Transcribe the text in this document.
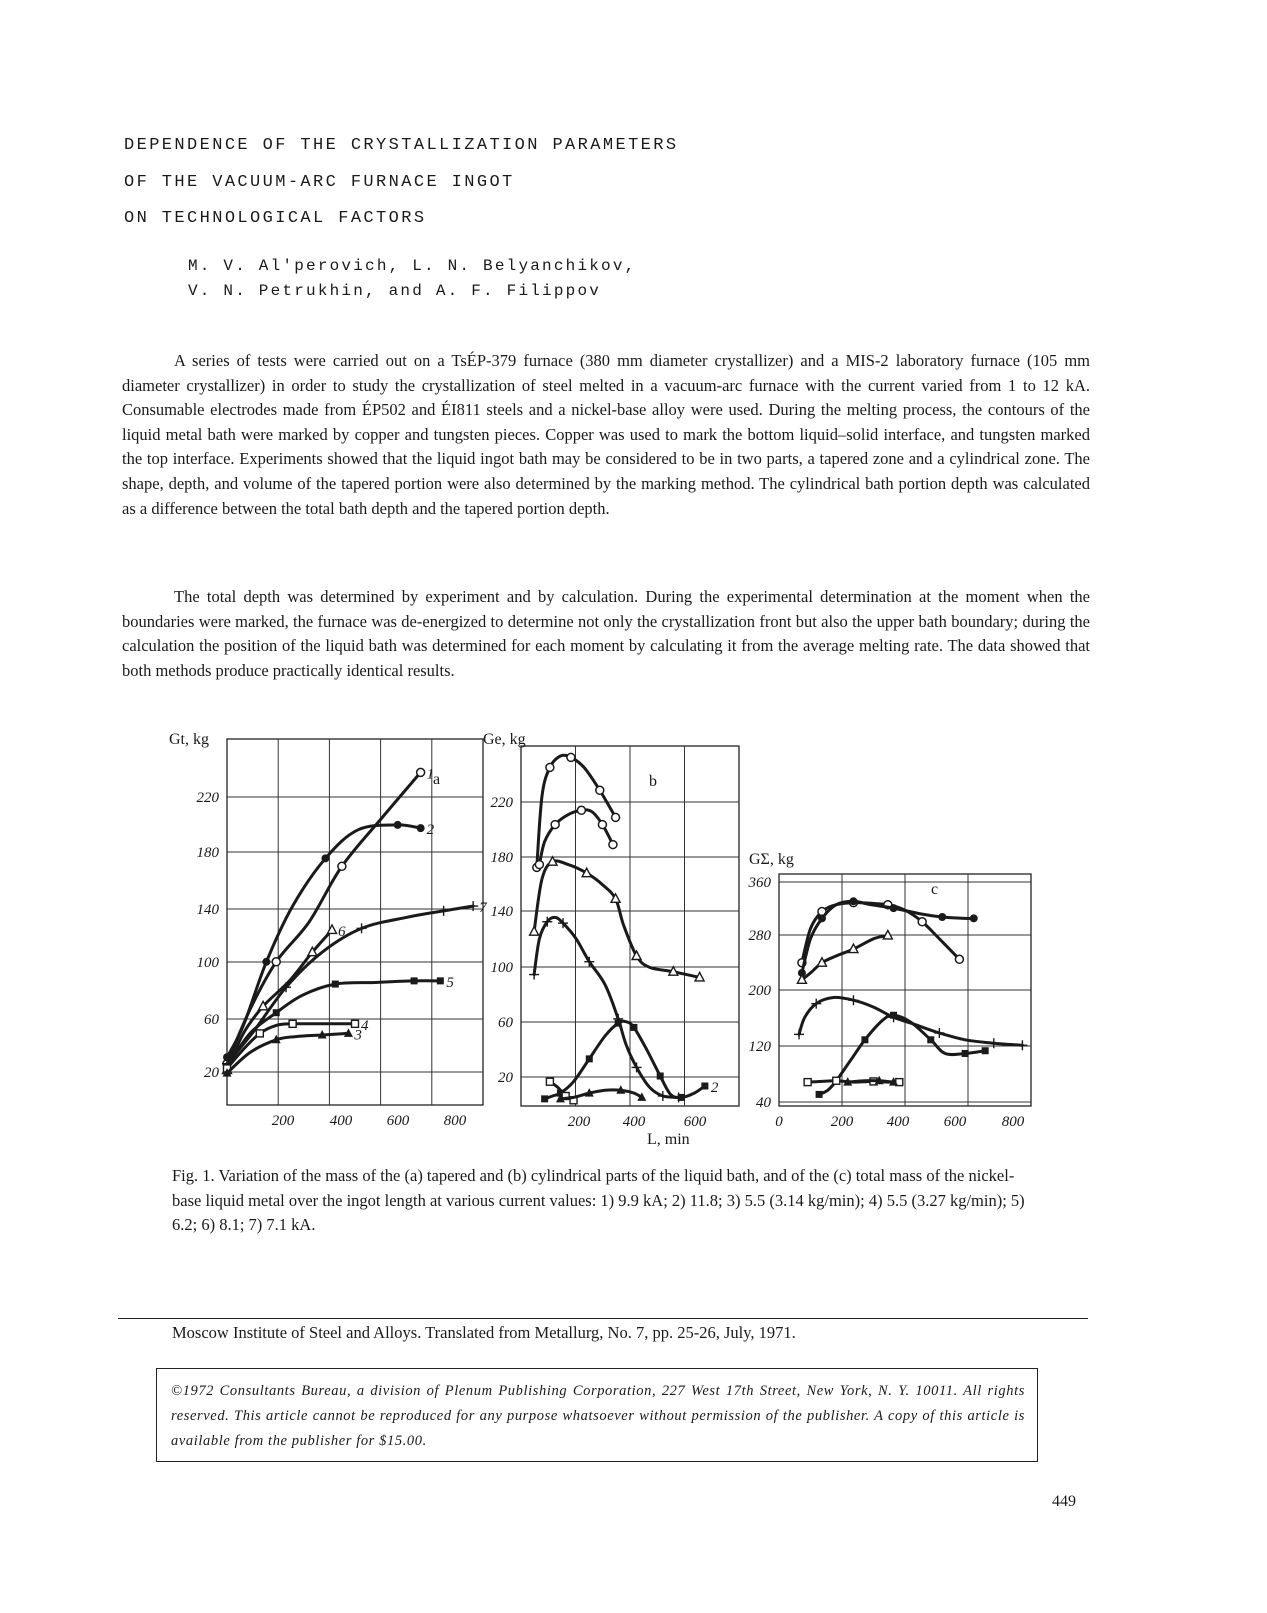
DEPENDENCE OF THE CRYSTALLIZATION PARAMETERS
OF THE VACUUM-ARC FURNACE INGOT
ON TECHNOLOGICAL FACTORS
M. V. Al'perovich, L. N. Belyanchikov,
V. N. Petrukhin, and A. F. Filippov

A series of tests were carried out on a TsÉP-379 furnace (380 mm diameter crystallizer) and a MIS-2 laboratory furnace (105 mm diameter crystallizer) in order to study the crystallization of steel melted in a vacuum-arc furnace with the current varied from 1 to 12 kA. Consumable electrodes made from ÉP502 and ÉI811 steels and a nickel-base alloy were used. During the melting process, the contours of the liquid metal bath were marked by copper and tungsten pieces. Copper was used to mark the bottom liquid–solid interface, and tungsten marked the top interface. Experiments showed that the liquid ingot bath may be considered to be in two parts, a tapered zone and a cylindrical zone. The shape, depth, and volume of the tapered portion were also determined by the marking method. The cylindrical bath portion depth was calculated as a difference between the total bath depth and the tapered portion depth.

The total depth was determined by experiment and by calculation. During the experimental determination at the moment when the boundaries were marked, the furnace was de-energized to determine not only the crystallization front but also the upper bath boundary; during the calculation the position of the liquid bath was determined for each moment by calculating it from the average melting rate. The data showed that both methods produce practically identical results.

220
180
140
100
60
20
200 400 600 800
Gt, kg
a
1
2
7
5
6
4
3
220
180
140
100
60
20
200 400	600
Ge, kg
b
2
360
280
200
120
40
0	200 400 600 800
GΣ, kg
c
L, min

Fig. 1. Variation of the mass of the (a) tapered and (b) cylindrical parts of the liquid bath, and of the (c) total mass of the nickel-base liquid metal over the ingot length at various current values: 1) 9.9 kA; 2) 11.8; 3) 5.5 (3.14 kg/min); 4) 5.5 (3.27 kg/min); 5) 6.2; 6) 8.1; 7) 7.1 kA.

Moscow Institute of Steel and Alloys. Translated from Metallurg, No. 7, pp. 25-26, July, 1971.

©1972 Consultants Bureau, a division of Plenum Publishing Corporation, 227 West 17th Street, New York, N. Y. 10011. All rights reserved. This article cannot be reproduced for any purpose whatsoever without permission of the publisher. A copy of this article is available from the publisher for $15.00.

449
